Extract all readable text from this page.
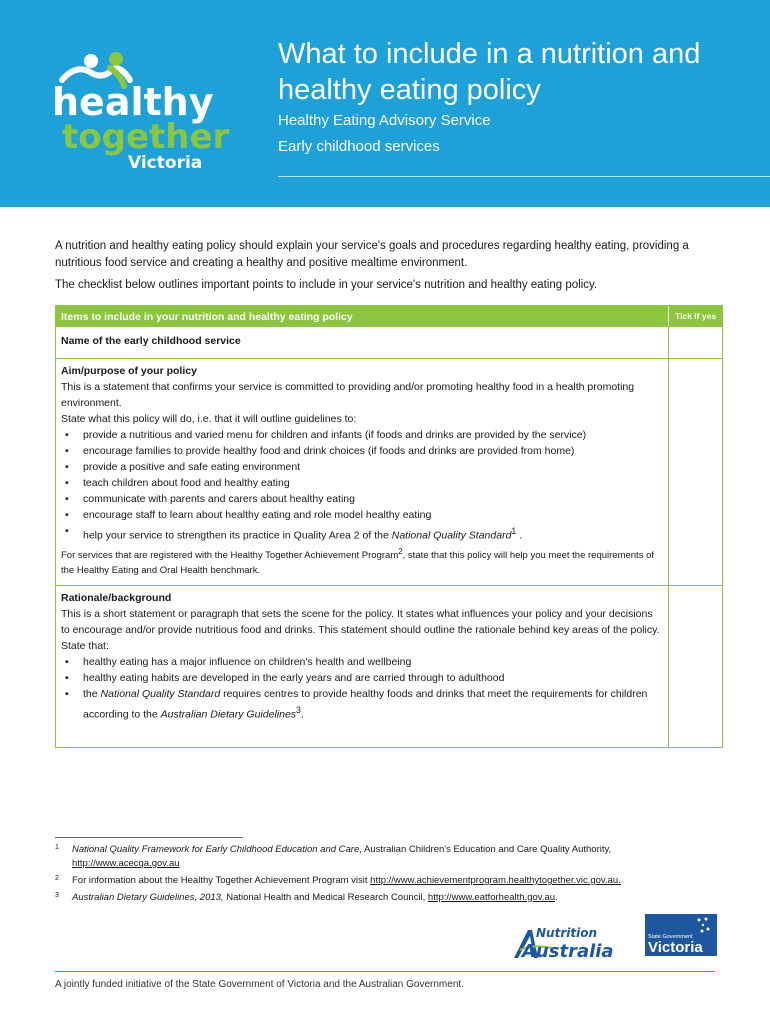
healthy
together
Victoria
What to include in a nutrition and healthy eating policy
Healthy Eating Advisory Service
Early childhood services

A nutrition and healthy eating policy should explain your service's goals and procedures regarding healthy eating, providing a nutritious food service and creating a healthy and positive mealtime environment.

The checklist below outlines important points to include in your service's nutrition and healthy eating policy.

Items to include in your nutrition and healthy eating policy	Tick if yes
Name of the early childhood service
Aim/purpose of your policy
This is a statement that confirms your service is committed to providing and/or promoting healthy food in a health promoting environment.
State what this policy will do, i.e. that it will outline guidelines to:
• provide a nutritious and varied menu for children and infants (if foods and drinks are provided by the service)
• encourage families to provide healthy food and drink choices (if foods and drinks are provided from home)
• provide a positive and safe eating environment
• teach children about food and healthy eating
• communicate with parents and carers about healthy eating
• encourage staff to learn about healthy eating and role model healthy eating
• help your service to strengthen its practice in Quality Area 2 of the National Quality Standard$^1$ .
For services that are registered with the Healthy Together Achievement Program$^2$, state that this policy will help you meet the requirements of the Healthy Eating and Oral Health benchmark.
Rationale/background
This is a short statement or paragraph that sets the scene for the policy. It states what influences your policy and your decisions to encourage and/or provide nutritious food and drinks. This statement should outline the rationale behind key areas of the policy.
State that:
• healthy eating has a major influence on children's health and wellbeing
• healthy eating habits are developed in the early years and are carried through to adulthood
• the National Quality Standard requires centres to provide healthy foods and drinks that meet the requirements for children according to the Australian Dietary Guidelines$^3$.
1 National Quality Framework for Early Childhood Education and Care, Australian Children's Education and Care Quality Authority,
http://www.acecqa.gov.au
2 For information about the Healthy Together Achievement Program visit http://www.achievementprogram.healthytogether.vic.gov.au.
3 Australian Dietary Guidelines, 2013, National Health and Medical Research Council, http://www.eatforhealth.gov.au.
Nutrition
Australia
State Government
Victoria
A jointly funded initiative of the State Government of Victoria and the Australian Government.
